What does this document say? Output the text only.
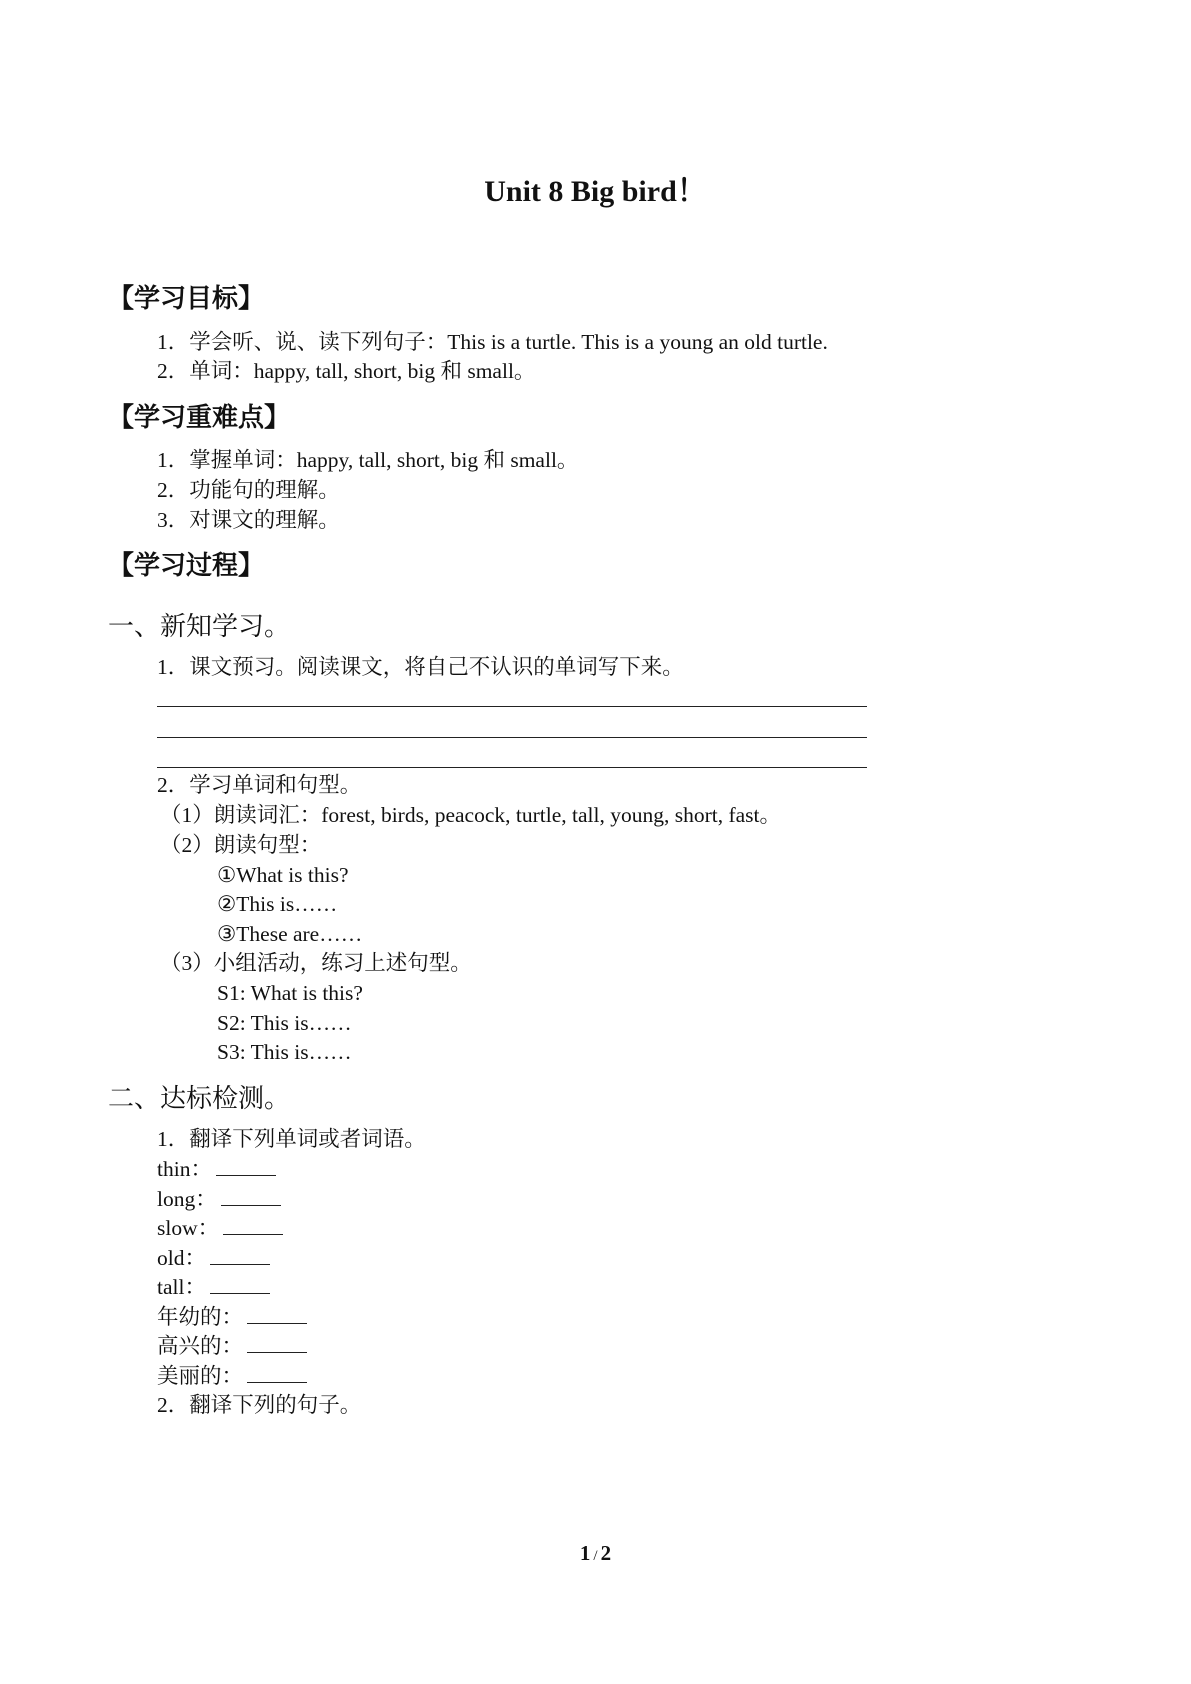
Unit 8 Big bird！
【学习目标】
1．学会听、说、读下列句子：This is a turtle. This is a young an old turtle.
2．单词：happy, tall, short, big 和 small。
【学习重难点】
1．掌握单词：happy, tall, short, big 和 small。
2．功能句的理解。
3．对课文的理解。
【学习过程】
一、新知学习。
1．课文预习。阅读课文，将自己不认识的单词写下来。
2．学习单词和句型。
（1）朗读词汇：forest, birds, peacock, turtle, tall, young, short, fast。
（2）朗读句型：
①What is this?
②This is……
③These are……
（3）小组活动，练习上述句型。
S1: What is this?
S2: This is……
S3: This is……
二、达标检测。
1．翻译下列单词或者词语。
thin：
long：
slow：
old：
tall：
年幼的：
高兴的：
美丽的：
2．翻译下列的句子。
1 / 2
